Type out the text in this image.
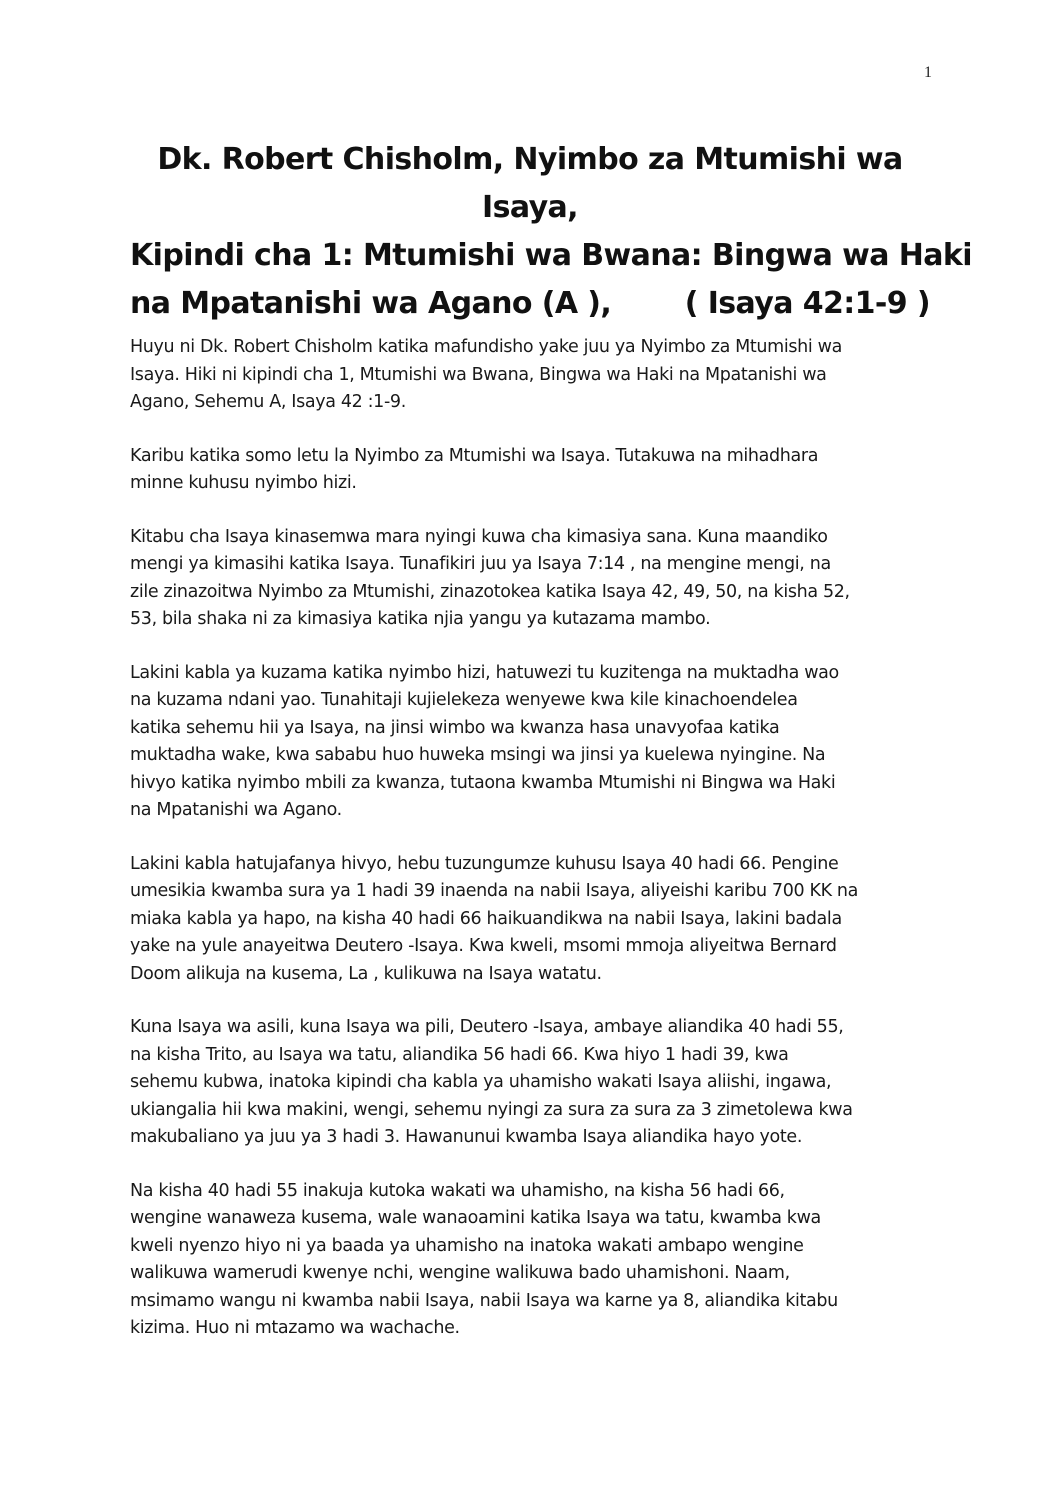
1
Dk. Robert Chisholm, Nyimbo za Mtumishi wa
Isaya,
Kipindi cha 1: Mtumishi wa Bwana: Bingwa wa Haki
na Mpatanishi wa Agano (A ), ( Isaya 42:1-9 )

Huyu ni Dk. Robert Chisholm katika mafundisho yake juu ya Nyimbo za Mtumishi wa
Isaya. Hiki ni kipindi cha 1, Mtumishi wa Bwana, Bingwa wa Haki na Mpatanishi wa
Agano, Sehemu A, Isaya 42 :1-9.

Karibu katika somo letu la Nyimbo za Mtumishi wa Isaya. Tutakuwa na mihadhara
minne kuhusu nyimbo hizi.

Kitabu cha Isaya kinasemwa mara nyingi kuwa cha kimasiya sana. Kuna maandiko
mengi ya kimasihi katika Isaya. Tunafikiri juu ya Isaya 7:14 , na mengine mengi, na
zile zinazoitwa Nyimbo za Mtumishi, zinazotokea katika Isaya 42, 49, 50, na kisha 52,
53, bila shaka ni za kimasiya katika njia yangu ya kutazama mambo.

Lakini kabla ya kuzama katika nyimbo hizi, hatuwezi tu kuzitenga na muktadha wao
na kuzama ndani yao. Tunahitaji kujielekeza wenyewe kwa kile kinachoendelea
katika sehemu hii ya Isaya, na jinsi wimbo wa kwanza hasa unavyofaa katika
muktadha wake, kwa sababu huo huweka msingi wa jinsi ya kuelewa nyingine. Na
hivyo katika nyimbo mbili za kwanza, tutaona kwamba Mtumishi ni Bingwa wa Haki
na Mpatanishi wa Agano.

Lakini kabla hatujafanya hivyo, hebu tuzungumze kuhusu Isaya 40 hadi 66. Pengine
umesikia kwamba sura ya 1 hadi 39 inaenda na nabii Isaya, aliyeishi karibu 700 KK na
miaka kabla ya hapo, na kisha 40 hadi 66 haikuandikwa na nabii Isaya, lakini badala
yake na yule anayeitwa Deutero -Isaya. Kwa kweli, msomi mmoja aliyeitwa Bernard
Doom alikuja na kusema, La , kulikuwa na Isaya watatu.

Kuna Isaya wa asili, kuna Isaya wa pili, Deutero -Isaya, ambaye aliandika 40 hadi 55,
na kisha Trito, au Isaya wa tatu, aliandika 56 hadi 66. Kwa hiyo 1 hadi 39, kwa
sehemu kubwa, inatoka kipindi cha kabla ya uhamisho wakati Isaya aliishi, ingawa,
ukiangalia hii kwa makini, wengi, sehemu nyingi za sura za sura za 3 zimetolewa kwa
makubaliano ya juu ya 3 hadi 3. Hawanunui kwamba Isaya aliandika hayo yote.

Na kisha 40 hadi 55 inakuja kutoka wakati wa uhamisho, na kisha 56 hadi 66,
wengine wanaweza kusema, wale wanaoamini katika Isaya wa tatu, kwamba kwa
kweli nyenzo hiyo ni ya baada ya uhamisho na inatoka wakati ambapo wengine
walikuwa wamerudi kwenye nchi, wengine walikuwa bado uhamishoni. Naam,
msimamo wangu ni kwamba nabii Isaya, nabii Isaya wa karne ya 8, aliandika kitabu
kizima. Huo ni mtazamo wa wachache.
